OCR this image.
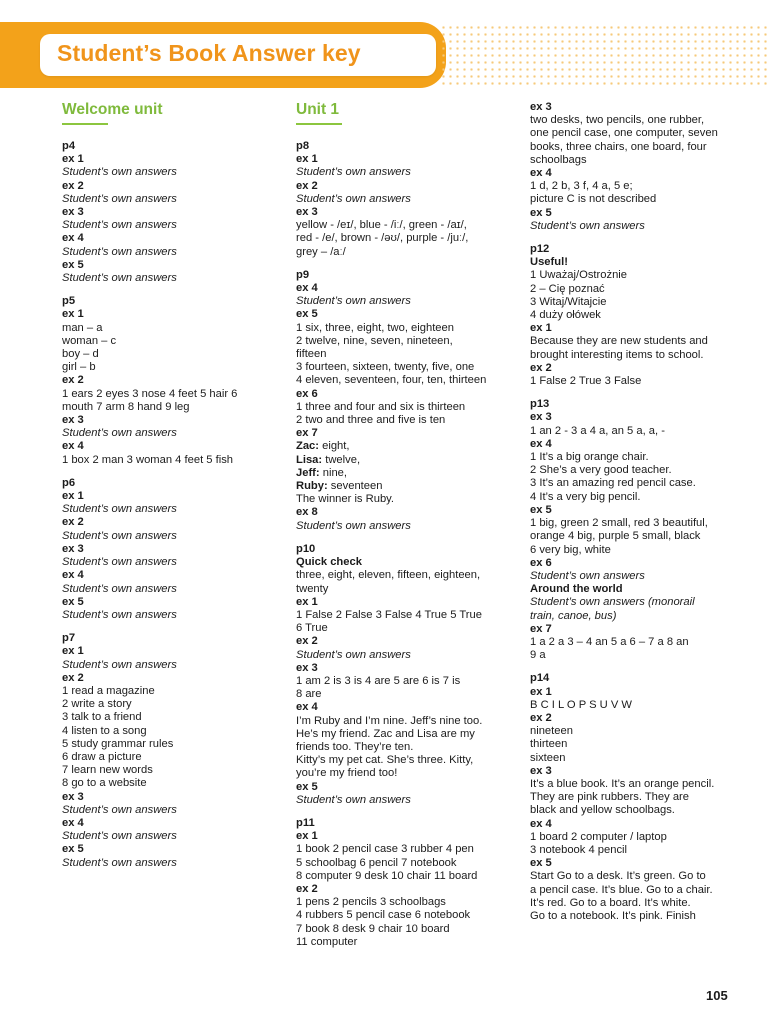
Student’s Book Answer key
Welcome unit

p4

ex 1

Student’s own answers

ex 2

Student’s own answers

ex 3

Student’s own answers

ex 4

Student’s own answers

ex 5

Student’s own answers

p5

ex 1

man – a

woman – c

boy – d

girl – b

ex 2

1 ears 2 eyes 3 nose 4 feet 5 hair 6

mouth 7 arm 8 hand 9 leg

ex 3

Student’s own answers

ex 4

1 box 2 man 3 woman 4 feet 5 fish

p6

ex 1

Student’s own answers

ex 2

Student’s own answers

ex 3

Student’s own answers

ex 4

Student’s own answers

ex 5

Student’s own answers

p7

ex 1

Student’s own answers

ex 2

1 read a magazine

2 write a story

3 talk to a friend

4 listen to a song

5 study grammar rules

6 draw a picture

7 learn new words

8 go to a website

ex 3

Student’s own answers

ex 4

Student’s own answers

ex 5

Student’s own answers

Unit 1

p8

ex 1

Student’s own answers

ex 2

Student’s own answers

ex 3

yellow - /eɪ/, blue - /iː/, green - /aɪ/,

red - /e/, brown - /əʊ/, purple - /juː/,

grey – /aː/

p9

ex 4

Student’s own answers

ex 5

1 six, three, eight, two, eighteen

2 twelve, nine, seven, nineteen,

fifteen

3 fourteen, sixteen, twenty, five, one

4 eleven, seventeen, four, ten, thirteen

ex 6

1 three and four and six is thirteen

2 two and three and five is ten

ex 7

Zac: eight,

Lisa: twelve,

Jeff: nine,

Ruby: seventeen

The winner is Ruby.

ex 8

Student’s own answers

p10

Quick check

three, eight, eleven, fifteen, eighteen,

twenty

ex 1

1 False 2 False 3 False 4 True 5 True

6 True

ex 2

Student’s own answers

ex 3

1 am 2 is 3 is 4 are 5 are 6 is 7 is

8 are

ex 4

I’m Ruby and I’m nine. Jeff’s nine too.

He’s my friend. Zac and Lisa are my

friends too. They’re ten.

Kitty’s my pet cat. She’s three. Kitty,

you’re my friend too!

ex 5

Student’s own answers

p11

ex 1

1 book 2 pencil case 3 rubber 4 pen

5 schoolbag 6 pencil 7 notebook

8 computer 9 desk 10 chair 11 board

ex 2

1 pens 2 pencils 3 schoolbags

4 rubbers 5 pencil case 6 notebook

7 book 8 desk 9 chair 10 board

11 computer

ex 3

two desks, two pencils, one rubber,

one pencil case, one computer, seven

books, three chairs, one board, four

schoolbags

ex 4

1 d, 2 b, 3 f, 4 a, 5 e;

picture C is not described

ex 5

Student’s own answers

p12

Useful!

1 Uważaj/Ostrożnie

2 – Cię poznać

3 Witaj/Witajcie

4 duży ołówek

ex 1

Because they are new students and

brought interesting items to school.

ex 2

1 False 2 True 3 False

p13

ex 3

1 an 2 - 3 a 4 a, an 5 a, a, -

ex 4

1 It’s a big orange chair.

2 She’s a very good teacher.

3 It’s an amazing red pencil case.

4 It’s a very big pencil.

ex 5

1 big, green 2 small, red 3 beautiful,

orange 4 big, purple 5 small, black

6 very big, white

ex 6

Student’s own answers

Around the world

Student’s own answers (monorail

train, canoe, bus)

ex 7

1 a 2 a 3 – 4 an 5 a 6 – 7 a 8 an

9 a

p14

ex 1

B C I L O P S U V W

ex 2

nineteen

thirteen

sixteen

ex 3

It’s a blue book. It’s an orange pencil.

They are pink rubbers. They are

black and yellow schoolbags.

ex 4

1 board 2 computer / laptop

3 notebook 4 pencil

ex 5

Start Go to a desk. It’s green. Go to

a pencil case. It’s blue. Go to a chair.

It’s red. Go to a board. It’s white.

Go to a notebook. It’s pink. Finish

105
